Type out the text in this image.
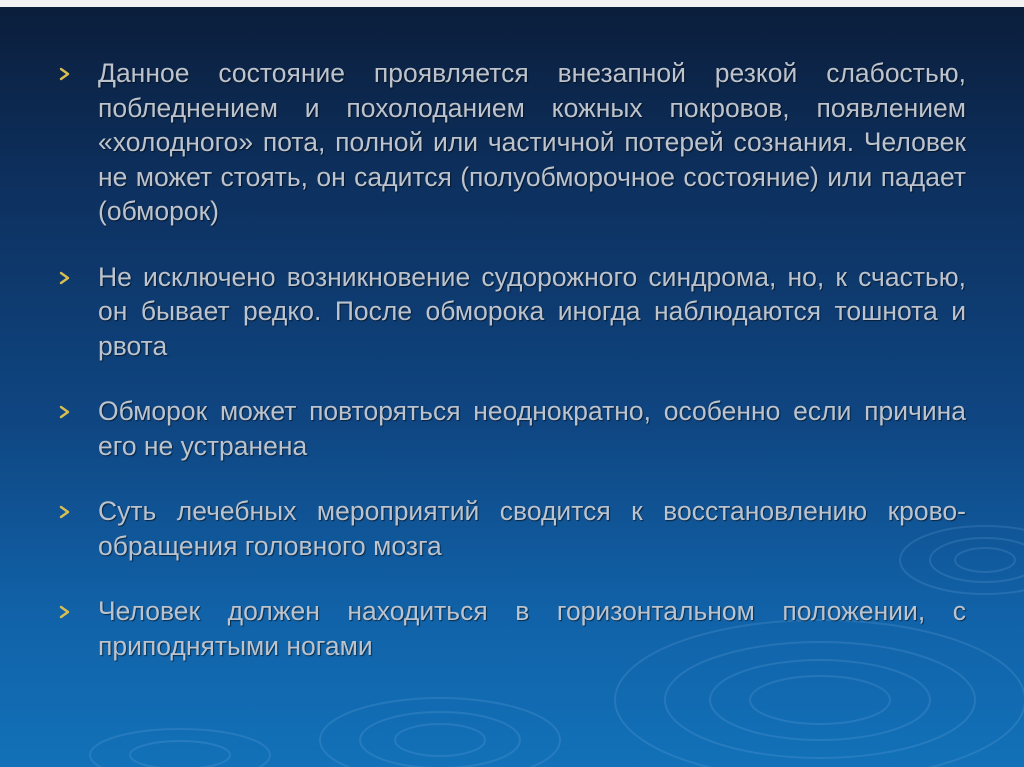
Данное состояние проявляется внезапной резкой слабостью, побледнением и похолоданием кожных покровов, появлением «холодного» пота, полной или частичной потерей сознания. Человек не может стоять, он садится (полуобморочное состояние) или падает (обморок)
Не исключено возникновение судорожного синдрома, но, к счастью, он бывает редко. После обморока иногда наблюдаются тошнота и рвота
Обморок может повторяться неоднократно, особенно если причина его не устранена
Суть лечебных мероприятий сводится к восстановлению кровообращения головного мозга
Человек должен находиться в горизонтальном положении, с приподнятыми ногами
